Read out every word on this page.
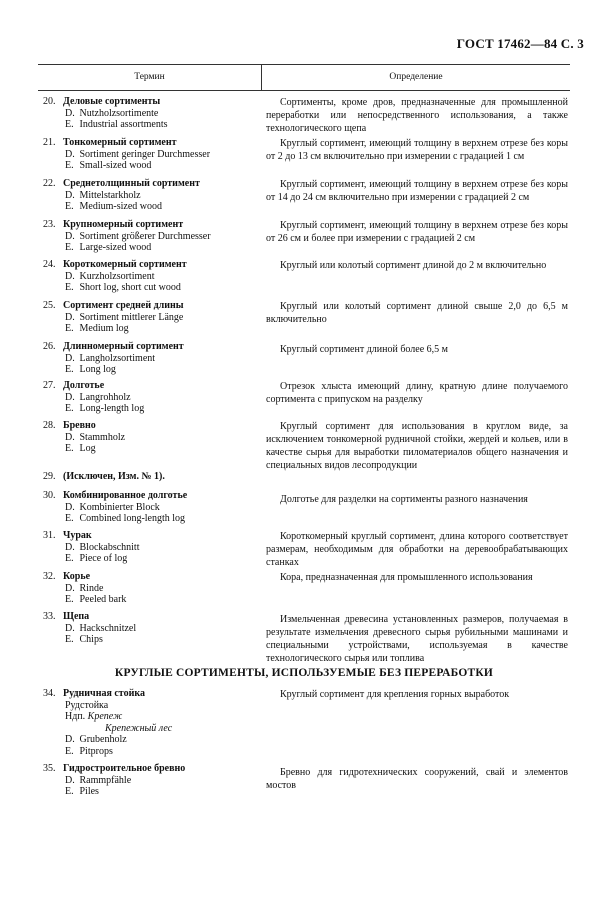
ГОСТ 17462—84 С. 3
Термин	Определение
20. Деловые сортименты
D. Nutzholzsortimente
E. Industrial assortments
Сортименты, кроме дров, предназначенные для промышленной переработки или непосредственного использования, а также технологического щепа
21. Тонкомерный сортимент
D. Sortiment geringer Durchmesser
E. Small-sized wood
Круглый сортимент, имеющий толщину в верхнем отрезе без коры от 2 до 13 см включительно при измерении с градацией 1 см
22. Среднетолщинный сортимент
D. Mittelstarkholz
E. Medium-sized wood
Круглый сортимент, имеющий толщину в верхнем отрезе без коры от 14 до 24 см включительно при измерении с градацией 2 см
23. Крупномерный сортимент
D. Sortiment größerer Durchmesser
E. Large-sized wood
Круглый сортимент, имеющий толщину в верхнем отрезе без коры от 26 см и более при измерении с градацией 2 см
24. Короткомерный сортимент
D. Kurzholzsortiment
E. Short log, short cut wood
Круглый или колотый сортимент длиной до 2 м включительно
25. Сортимент средней длины
D. Sortiment mittlerer Länge
E. Medium log
Круглый или колотый сортимент длиной свыше 2,0 до 6,5 м включительно
26. Длинномерный сортимент
D. Langholzsortiment
E. Long log
Круглый сортимент длиной более 6,5 м
27. Долготье
D. Langrohholz
E. Long-length log
Отрезок хлыста имеющий длину, кратную длине получаемого сортимента с припуском на разделку
28. Бревно
D. Stammholz
E. Log
Круглый сортимент для использования в круглом виде, за исключением тонкомерной рудничной стойки, жердей и кольев, или в качестве сырья для выработки пиломатериалов общего назначения и специальных видов лесопродукции
29. (Исключен, Изм. № 1).
30. Комбинированное долготье
D. Kombinierter Block
E. Combined long-length log
Долготье для разделки на сортименты разного назначения
31. Чурак
D. Blockabschnitt
E. Piece of log
Короткомерный круглый сортимент, длина которого соответствует размерам, необходимым для обработки на деревообрабатывающих станках
32. Корье
D. Rinde
E. Peeled bark
Кора, предназначенная для промышленного использования
33. Щепа
D. Hackschnitzel
E. Chips
Измельченная древесина установленных размеров, получаемая в результате измельчения древесного сырья рубильными машинами и специальными устройствами, используемая в качестве технологического сырья или топлива
КРУГЛЫЕ СОРТИМЕНТЫ, ИСПОЛЬЗУЕМЫЕ БЕЗ ПЕРЕРАБОТКИ
34. Рудничная стойка
Рудстойка
Ндп. Крепеж
Крепежный лес
D. Grubenholz
E. Pitprops
Круглый сортимент для крепления горных выработок
35. Гидростроительное бревно
D. Rammpfähle
E. Piles
Бревно для гидротехнических сооружений, свай и элементов мостов
